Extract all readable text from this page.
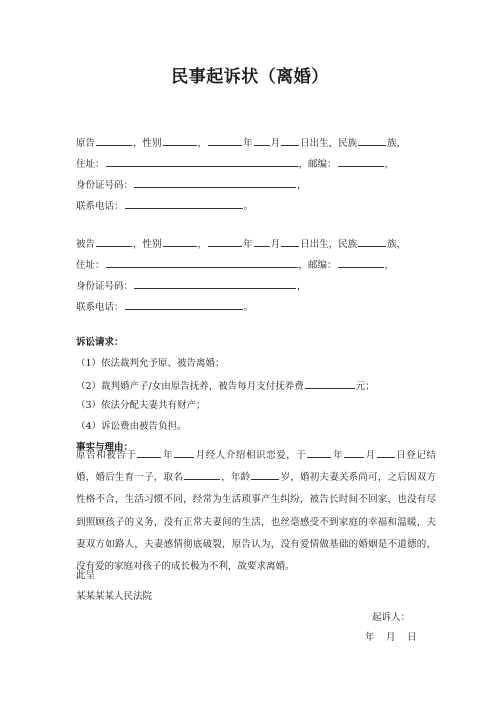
民事起诉状（离婚）
原告	，性别	，	年 月 日出生，民族	族，
住址：	，邮编：	，
身份证号码：	，
联系电话：	。
被告	，性别	，	年 月 日出生，民族	族，
住址：	，邮编：	，
身份证号码：	，
联系电话：	。
诉讼请求：
（1）依法裁判允予原、被告离婚；
（2）裁判婚产子/女由原告抚养，被告每月支付抚养费	元；
（3）依法分配夫妻共有财产；
（4）诉讼费由被告负担。
事实与理由：
原告和被告于	年 月经人介绍相识恋爱，于	年 月 日登记结婚，婚后生育一子，取名	，年龄	岁，婚初夫妻关系尚可，之后因双方性格不合，生活习惯不同，经常为生活琐事产生纠纷，被告长时间不回家，也没有尽到照顾孩子的义务，没有正常夫妻间的生活，也丝毫感受不到家庭的幸福和温暖，夫妻双方如路人，夫妻感情彻底破裂，原告认为，没有爱情做基础的婚姻是不道德的，没有爱的家庭对孩子的成长极为不利，故要求离婚。
此呈
某某某某人民法院
起诉人：
年　月　日
